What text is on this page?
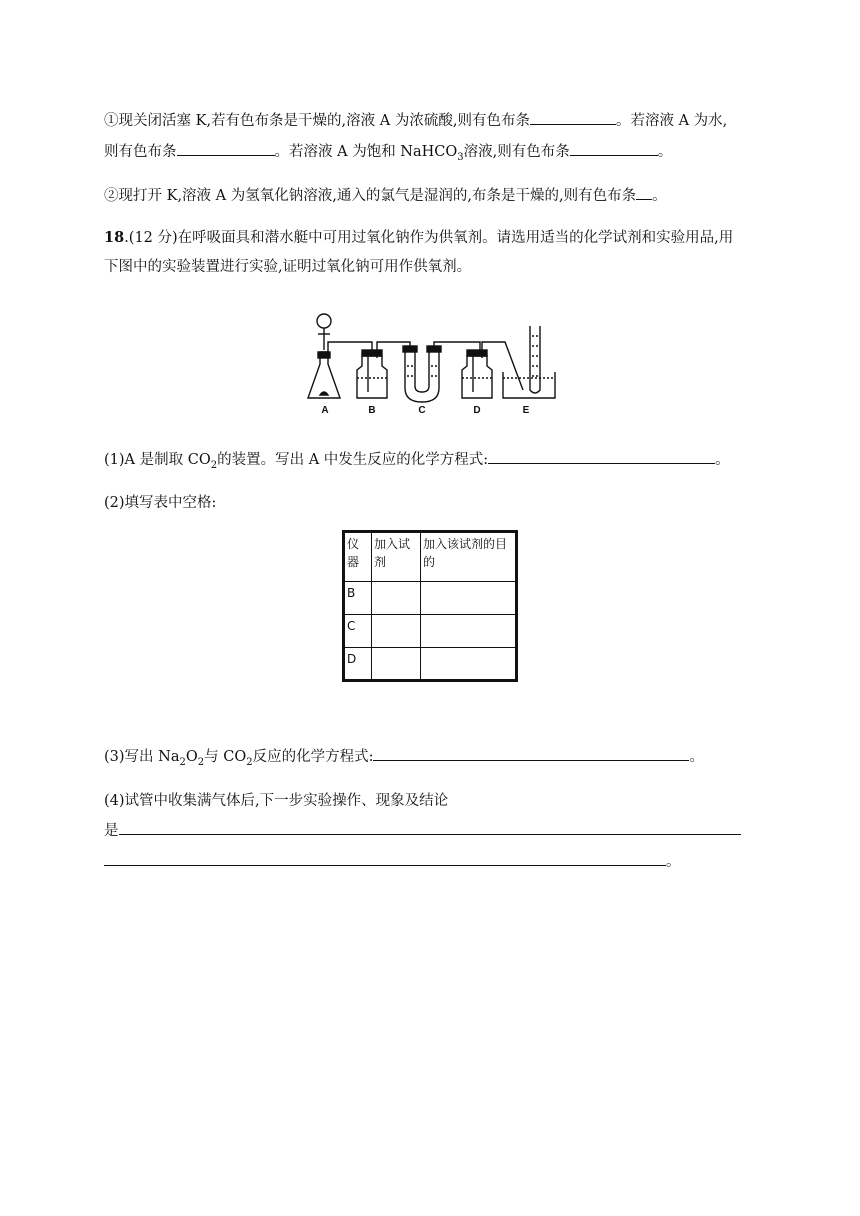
①现关闭活塞 K,若有色布条是干燥的,溶液 A 为浓硫酸,则有色布条	。若溶液 A 为水,
则有色布条	。若溶液 A 为饱和 NaHCO$_3$溶液,则有色布条	。
②现打开 K,溶液 A 为氢氧化钠溶液,通入的氯气是湿润的,布条是干燥的,则有色布条 。
18.(12 分)在呼吸面具和潜水艇中可用过氧化钠作为供氧剂。请选用适当的化学试剂和实验用品,用
下图中的实验装置进行实验,证明过氧化钠可用作供氧剂。
A	B	C	D	E
(1)A 是制取 $CO_2$的装置。写出 A 中发生反应的化学方程式:	。
(2)填写表中空格:
仪器	加入试剂	加入该试剂的目的
B		
C		
D		
(3)写出 $Na_2O_2$与 $CO_2$反应的化学方程式:	。
(4)试管中收集满气体后,下一步实验操作、现象及结论
是
。
